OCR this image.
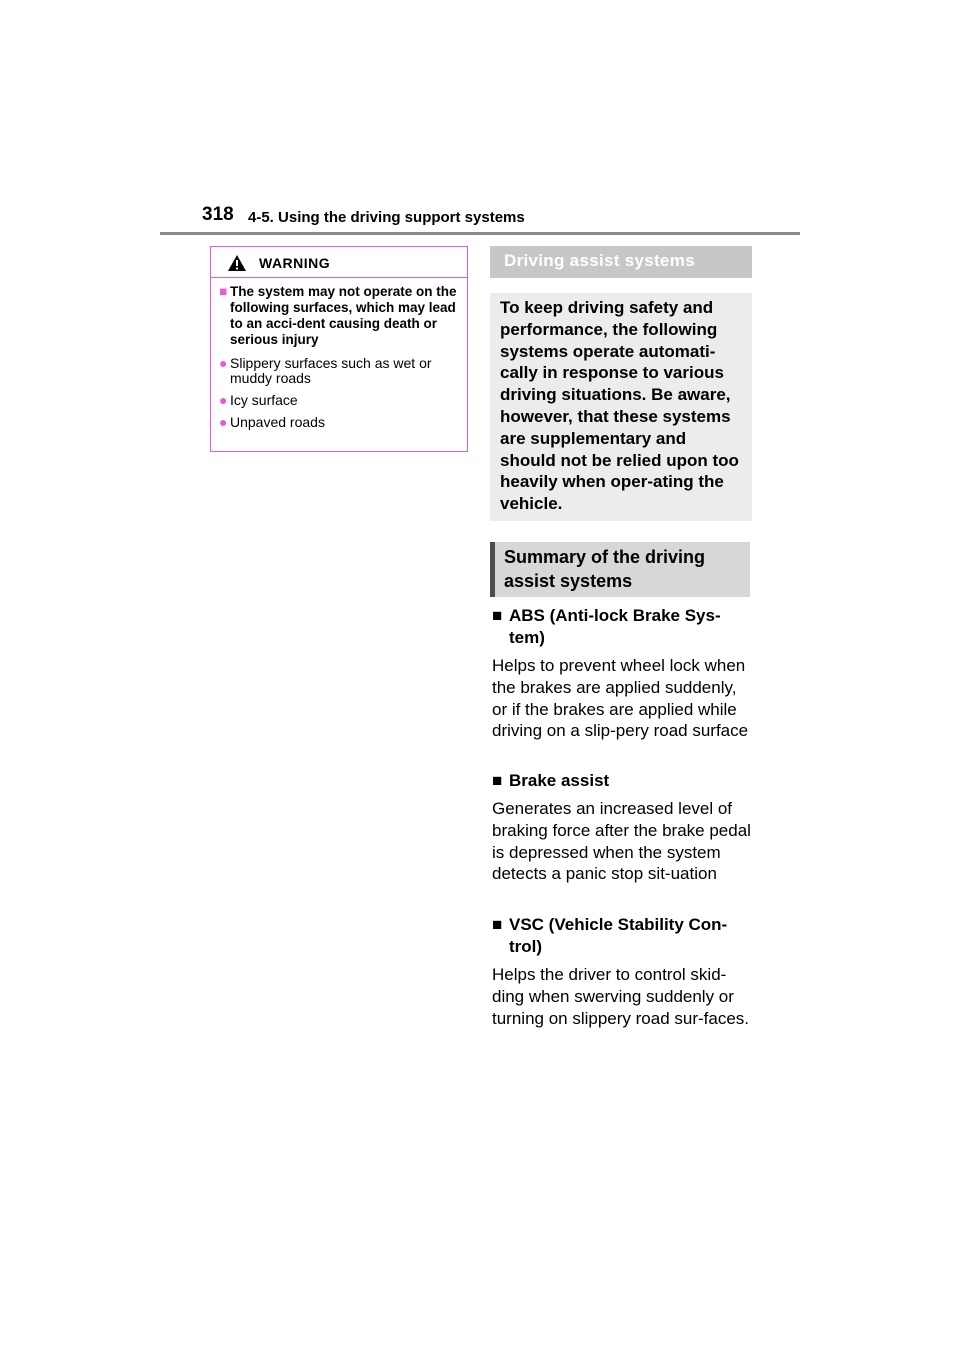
318 4-5. Using the driving support systems
WARNING
■ The system may not operate on the following surfaces, which may lead to an acci-dent causing death or serious injury
● Slippery surfaces such as wet or muddy roads
● Icy surface
● Unpaved roads
Driving assist systems
To keep driving safety and performance, the following systems operate automati-cally in response to various driving situations. Be aware, however, that these systems are supplementary and should not be relied upon too heavily when oper-ating the vehicle.
Summary of the driving assist systems
■ ABS (Anti-lock Brake Sys-tem)
Helps to prevent wheel lock when the brakes are applied suddenly, or if the brakes are applied while driving on a slip-pery road surface
■ Brake assist
Generates an increased level of braking force after the brake pedal is depressed when the system detects a panic stop sit-uation
■ VSC (Vehicle Stability Con-trol)
Helps the driver to control skid-ding when swerving suddenly or turning on slippery road sur-faces.
